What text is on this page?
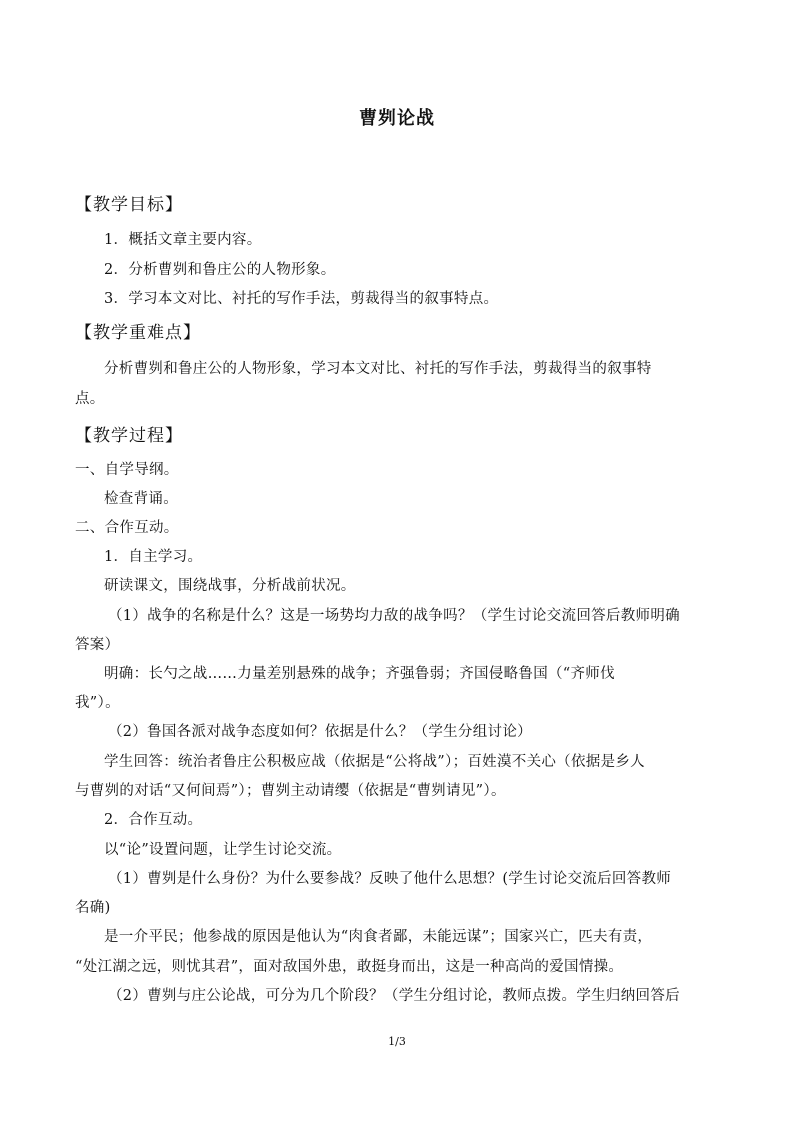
曹刿论战
【教学目标】
1．概括文章主要内容。
2．分析曹刿和鲁庄公的人物形象。
3．学习本文对比、衬托的写作手法，剪裁得当的叙事特点。
【教学重难点】
分析曹刿和鲁庄公的人物形象，学习本文对比、衬托的写作手法，剪裁得当的叙事特
点。
【教学过程】
一、自学导纲。
检查背诵。
二、合作互动。
1．自主学习。
研读课文，围绕战事，分析战前状况。
（1）战争的名称是什么？这是一场势均力敌的战争吗？（学生讨论交流回答后教师明确
答案）
明确：长勺之战……力量差别悬殊的战争；齐强鲁弱；齐国侵略鲁国（“齐师伐
我”）。
（2）鲁国各派对战争态度如何？依据是什么？（学生分组讨论）
学生回答：统治者鲁庄公积极应战（依据是“公将战”）；百姓漠不关心（依据是乡人
与曹刿的对话“又何间焉”）；曹刿主动请缨（依据是“曹刿请见”）。
2．合作互动。
以“论”设置问题，让学生讨论交流。
（1）曹刿是什么身份？为什么要参战？反映了他什么思想？(学生讨论交流后回答教师
名确)
是一介平民；他参战的原因是他认为“肉食者鄙，未能远谋”；国家兴亡，匹夫有责，
“处江湖之远，则忧其君”，面对敌国外患，敢挺身而出，这是一种高尚的爱国情操。
（2）曹刿与庄公论战，可分为几个阶段？（学生分组讨论，教师点拨。学生归纳回答后
1/3
